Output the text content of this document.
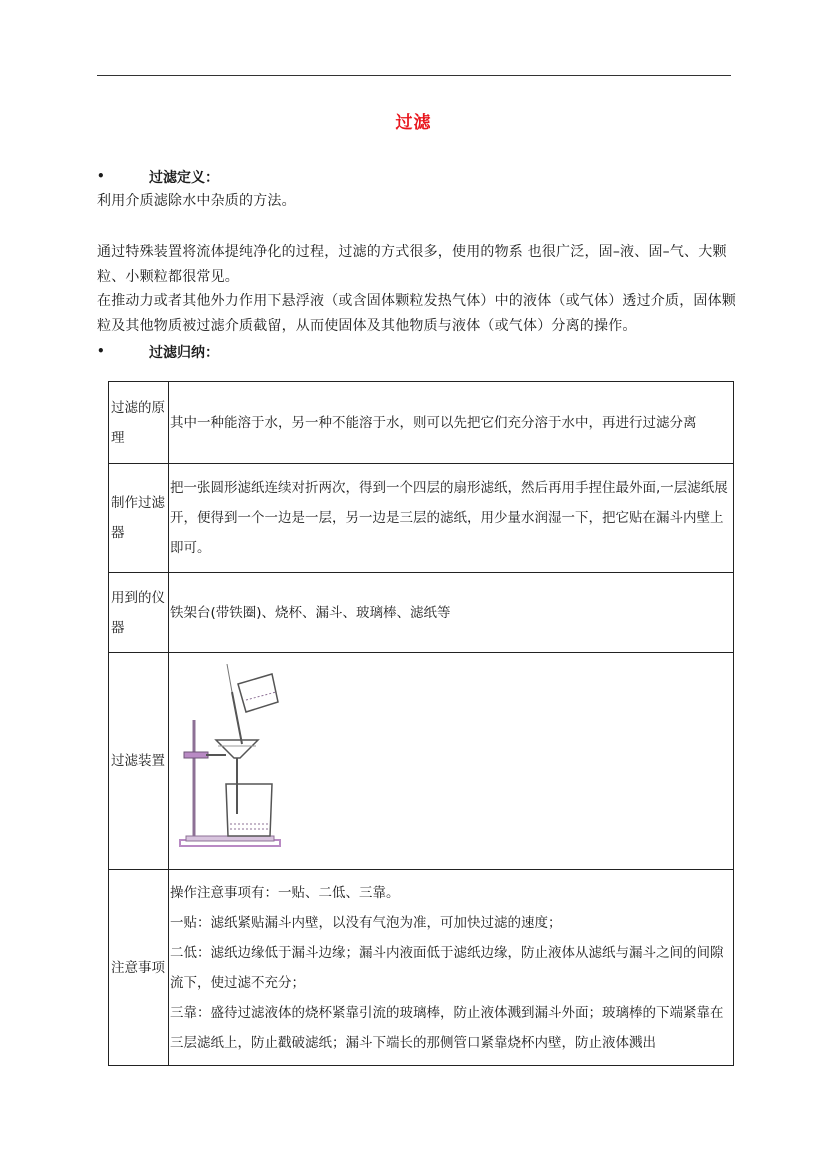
过滤
•	过滤定义：
利用介质滤除水中杂质的方法。
通过特殊装置将流体提纯净化的过程，过滤的方式很多，使用的物系 也很广泛，固–液、固–气、大颗粒、小颗粒都很常见。
在推动力或者其他外力作用下悬浮液（或含固体颗粒发热气体）中的液体（或气体）透过介质，固体颗粒及其他物质被过滤介质截留，从而使固体及其他物质与液体（或气体）分离的操作。
•	过滤归纳：
过滤的原理	其中一种能溶于水，另一种不能溶于水，则可以先把它们充分溶于水中，再进行过滤分离
制作过滤器	把一张圆形滤纸连续对折两次，得到一个四层的扇形滤纸，然后再用手捏住最外面,一层滤纸展开，便得到一个一边是一层，另一边是三层的滤纸，用少量水润湿一下，把它贴在漏斗内壁上即可。
用到的仪器	铁架台(带铁圈)、烧杯、漏斗、玻璃棒、滤纸等
过滤装置	

注意事项	操作注意事项有：一贴、二低、三靠。
一贴：滤纸紧贴漏斗内壁，以没有气泡为准，可加快过滤的速度；
二低：滤纸边缘低于漏斗边缘；漏斗内液面低于滤纸边缘，防止液体从滤纸与漏斗之间的间隙流下，使过滤不充分；
三靠：盛待过滤液体的烧杯紧靠引流的玻璃棒，防止液体溅到漏斗外面；玻璃棒的下端紧靠在三层滤纸上，防止戳破滤纸；漏斗下端长的那侧管口紧靠烧杯内壁，防止液体溅出
